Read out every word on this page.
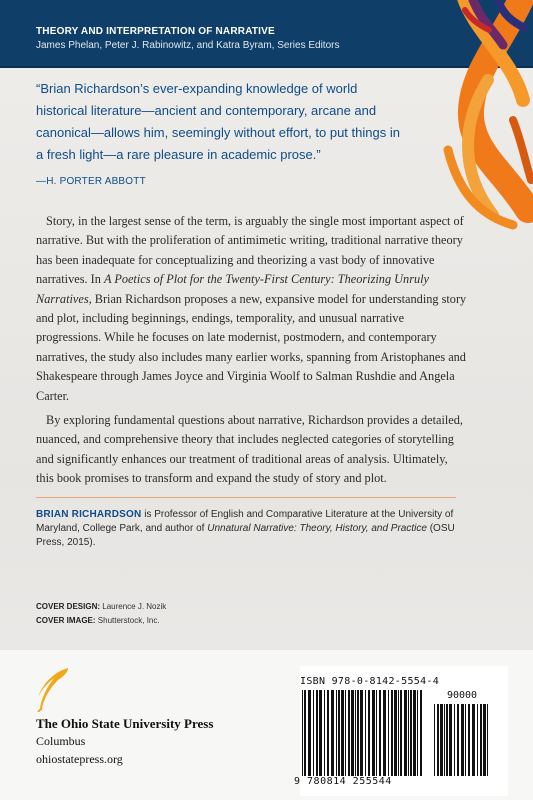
THEORY AND INTERPRETATION OF NARRATIVE
James Phelan, Peter J. Rabinowitz, and Katra Byram, Series Editors
“Brian Richardson’s ever-expanding knowledge of world historical literature—ancient and contemporary, arcane and canonical—allows him, seemingly without effort, to put things in a fresh light—a rare pleasure in academic prose.”
—H. PORTER ABBOTT

Story, in the largest sense of the term, is arguably the single most important aspect of narrative. But with the proliferation of antimimetic writing, traditional narrative theory has been inadequate for conceptualizing and theorizing a vast body of innovative narratives. In A Poetics of Plot for the Twenty-First Century: Theorizing Unruly Narratives, Brian Richardson proposes a new, expansive model for understanding story and plot, including beginnings, endings, temporality, and unusual narrative progressions. While he focuses on late modernist, postmodern, and contemporary narratives, the study also includes many earlier works, spanning from Aristophanes and Shakespeare through James Joyce and Virginia Woolf to Salman Rushdie and Angela Carter.

By exploring fundamental questions about narrative, Richardson provides a detailed, nuanced, and comprehensive theory that includes neglected categories of storytelling and significantly enhances our treatment of traditional areas of analysis. Ultimately, this book promises to transform and expand the study of story and plot.

BRIAN RICHARDSON is Professor of English and Comparative Literature at the University of Maryland, College Park, and author of Unnatural Narrative: Theory, History, and Practice (OSU Press, 2015).
COVER DESIGN: Laurence J. Nozik
COVER IMAGE: Shutterstock, Inc.
The Ohio State University Press
Columbus
ohiostatepress.org
ISBN 978-0-8142-5554-4
90000
9 780814 255544
